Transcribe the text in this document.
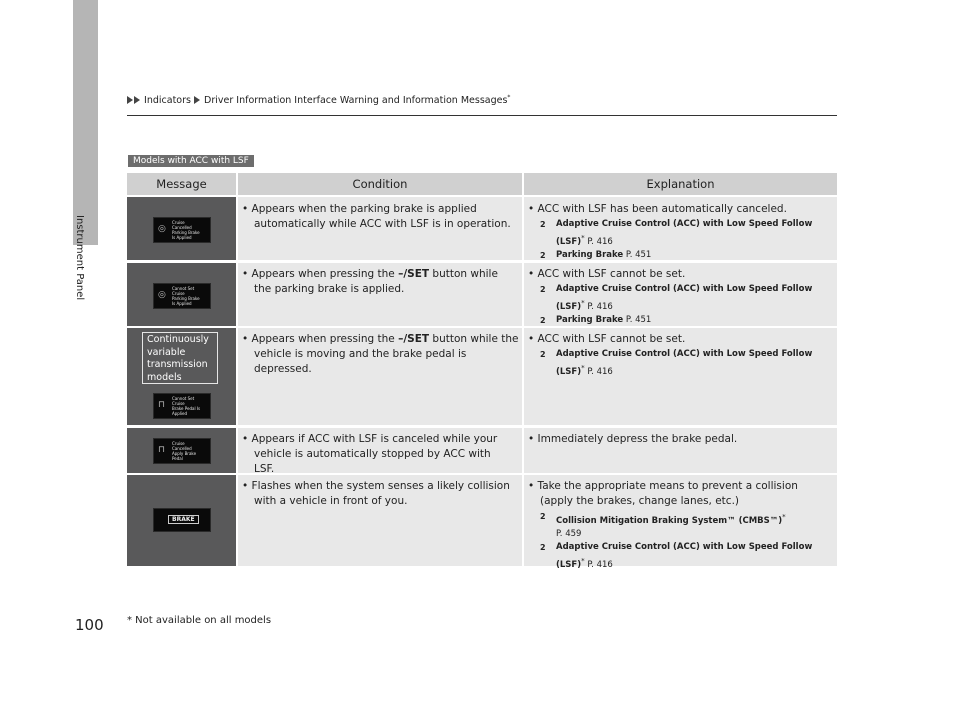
Instrument Panel
Indicators Driver Information Interface Warning and Information Messages*
Models with ACC with LSF
Message	Condition	Explanation
◎
Cruise
Cancelled
Parking Brake
Is Applied
• Appears when the parking brake is applied automatically while ACC with LSF is in operation.
• ACC with LSF has been automatically canceled.
2 Adaptive Cruise Control (ACC) with Low Speed Follow (LSF)* P. 416
2 Parking Brake P. 451
◎
Cannot Set
Cruise
Parking Brake
Is Applied
• Appears when pressing the –/SET button while the parking brake is applied.
• ACC with LSF cannot be set.
2 Adaptive Cruise Control (ACC) with Low Speed Follow (LSF)* P. 416
2 Parking Brake P. 451
⊓
Cannot Set
Cruise
Brake Pedal Is
Applied
Continuously variable transmission models
• Appears when pressing the –/SET button while the vehicle is moving and the brake pedal is depressed.
• ACC with LSF cannot be set.
2 Adaptive Cruise Control (ACC) with Low Speed Follow (LSF)* P. 416
⊓
Cruise
Cancelled
Apply Brake
Pedal
• Appears if ACC with LSF is canceled while your vehicle is automatically stopped by ACC with LSF.
• Immediately depress the brake pedal.
BRAKE
• Flashes when the system senses a likely collision with a vehicle in front of you.
• Take the appropriate means to prevent a collision (apply the brakes, change lanes, etc.)
2 Collision Mitigation Braking System™ (CMBS™)*
P. 459
2 Adaptive Cruise Control (ACC) with Low Speed Follow (LSF)* P. 416
100 * Not available on all models
